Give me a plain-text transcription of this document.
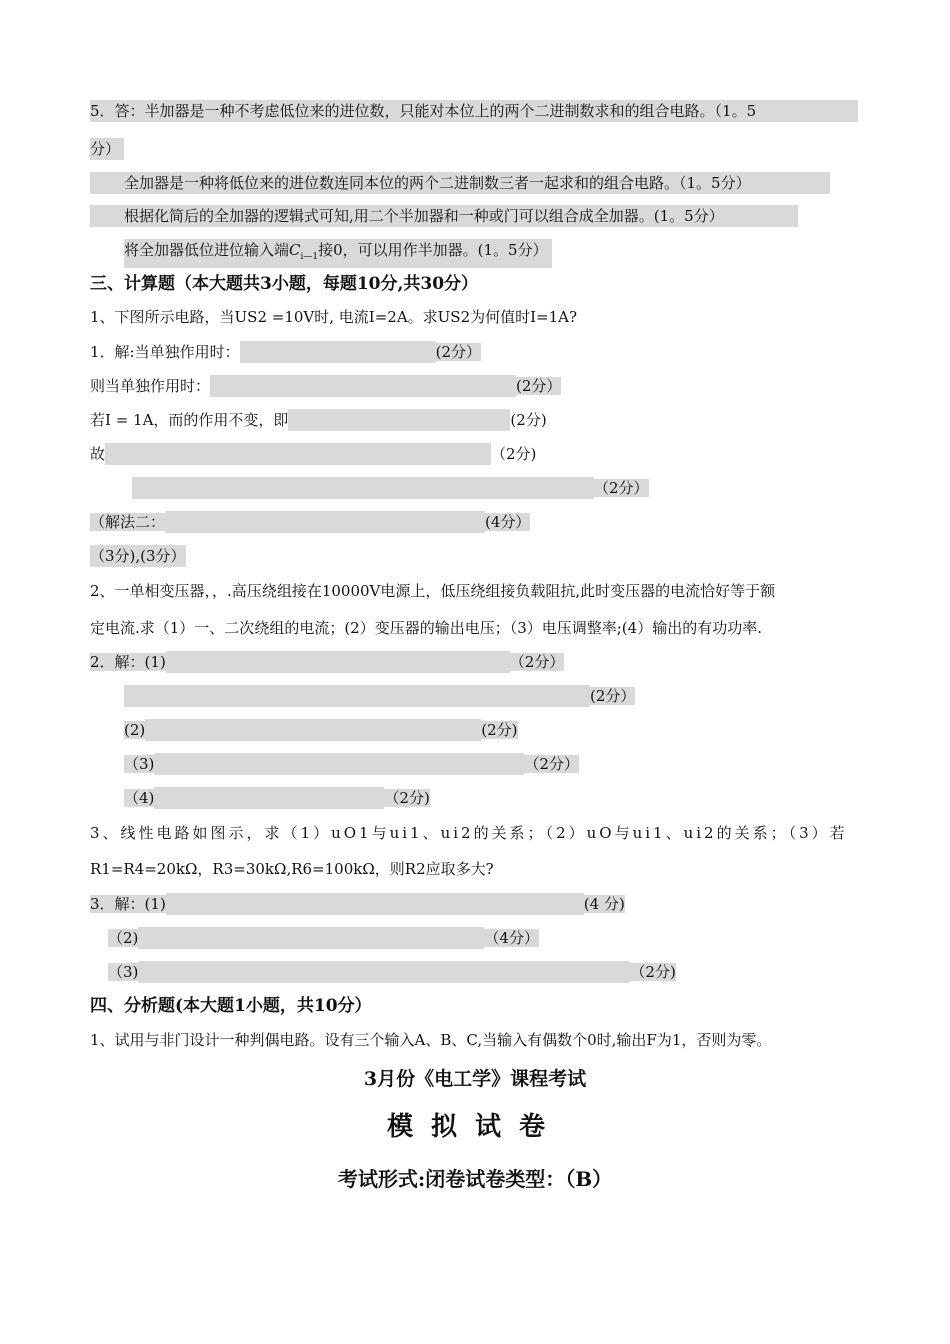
5．答：半加器是一种不考虑低位来的进位数，只能对本位上的两个二进制数求和的组合电路。（1。5
分）
全加器是一种将低位来的进位数连同本位的两个二进制数三者一起求和的组合电路。（1。5分）
根据化简后的全加器的逻辑式可知,用二个半加器和一种或门可以组合成全加器。(1。5分）
将全加器低位进位输入端$C_{i—1}$接0，可以用作半加器。(1。5分）
三、计算题（本大题共3小题，每题10分,共30分）
1、下图所示电路，当US2 =10V时, 电流I=2A。求US2为何值时I=1A?
1．解:当单独作用时：	(2分）
则当单独作用时：	(2分）
若I = 1A，而的作用不变，即	(2分)
故	（2分)
（2分）
（解法二：	(4分）
（3分),(3分）
2、一单相变压器，，.高压绕组接在10000V电源上，低压绕组接负载阻抗,此时变压器的电流恰好等于额
定电流.求（1）一、二次绕组的电流；(2）变压器的输出电压；（3）电压调整率;(4）输出的有功功率.
2．解：(1)	（2分）
(2分）
(2)	(2分)
（3)	（2分）
（4)	（2分)
3、线性电路如图示，求（1）uO1与ui1、ui2的关系；（2）uO与ui1、ui2的关系；（3）若
R1=R4=20kΩ，R3=30kΩ,R6=100kΩ，则R2应取多大?
3．解：(1)	(4 分)
（2)	（4分）
（3)	（2分)
四、分析题(本大题1小题，共10分）
1、试用与非门设计一种判偶电路。设有三个输入A、B、C,当输入有偶数个0时,输出F为1，否则为零。
3月份《电工学》课程考试
模拟试卷
考试形式:闭卷试卷类型：（B）
